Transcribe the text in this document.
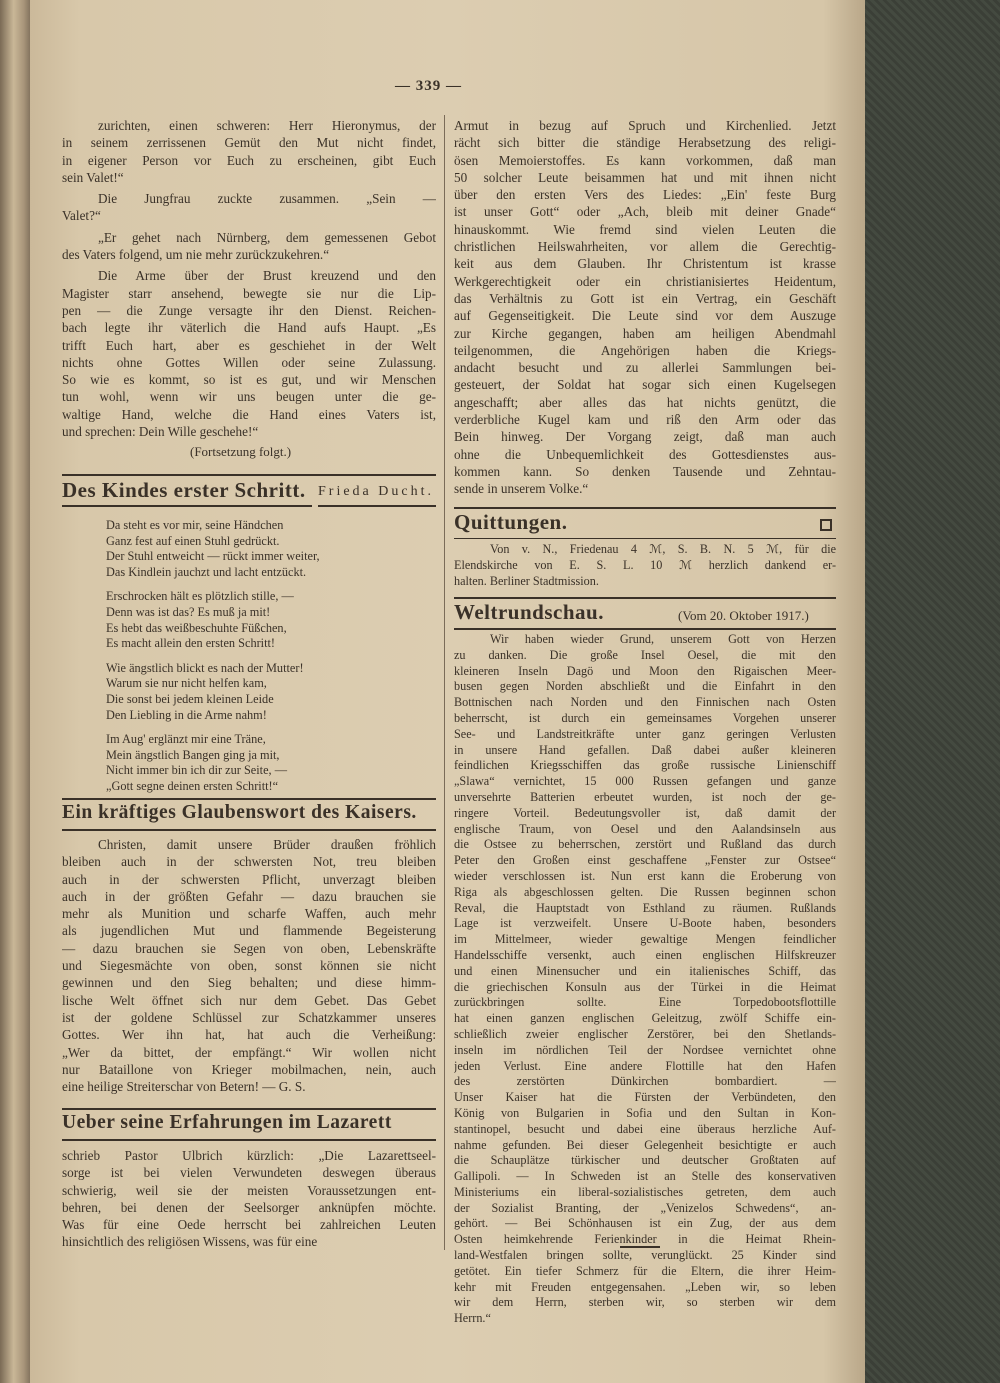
— 339 —
zurichten, einen schweren: Herr Hieronymus, der
in seinem zerrissenen Gemüt den Mut nicht findet,
in eigener Person vor Euch zu erscheinen, gibt Euch
sein Valet!“
Die Jungfrau zuckte zusammen. „Sein —
Valet?“
„Er gehet nach Nürnberg, dem gemessenen Gebot
des Vaters folgend, um nie mehr zurückzukehren.“
Die Arme über der Brust kreuzend und den
Magister starr ansehend, bewegte sie nur die Lip-
pen — die Zunge versagte ihr den Dienst. Reichen-
bach legte ihr väterlich die Hand aufs Haupt. „Es
trifft Euch hart, aber es geschiehet in der Welt
nichts ohne Gottes Willen oder seine Zulassung.
So wie es kommt, so ist es gut, und wir Menschen
tun wohl, wenn wir uns beugen unter die ge-
waltige Hand, welche die Hand eines Vaters ist,
und sprechen: Dein Wille geschehe!“
(Fortsetzung folgt.)
Des Kindes erster Schritt. Frieda Ducht.
Da steht es vor mir, seine Händchen
Ganz fest auf einen Stuhl gedrückt.
Der Stuhl entweicht — rückt immer weiter,
Das Kindlein jauchzt und lacht entzückt.
Erschrocken hält es plötzlich stille, —
Denn was ist das? Es muß ja mit!
Es hebt das weißbeschuhte Füßchen,
Es macht allein den ersten Schritt!
Wie ängstlich blickt es nach der Mutter!
Warum sie nur nicht helfen kam,
Die sonst bei jedem kleinen Leide
Den Liebling in die Arme nahm!
Im Aug' erglänzt mir eine Träne,
Mein ängstlich Bangen ging ja mit,
Nicht immer bin ich dir zur Seite, —
„Gott segne deinen ersten Schritt!“
Ein kräftiges Glaubenswort des Kaisers.
Christen, damit unsere Brüder draußen fröhlich
bleiben auch in der schwersten Not, treu bleiben
auch in der schwersten Pflicht, unverzagt bleiben
auch in der größten Gefahr — dazu brauchen sie
mehr als Munition und scharfe Waffen, auch mehr
als jugendlichen Mut und flammende Begeisterung
— dazu brauchen sie Segen von oben, Lebenskräfte
und Siegesmächte von oben, sonst können sie nicht
gewinnen und den Sieg behalten; und diese himm-
lische Welt öffnet sich nur dem Gebet. Das Gebet
ist der goldene Schlüssel zur Schatzkammer unseres
Gottes. Wer ihn hat, hat auch die Verheißung:
„Wer da bittet, der empfängt.“ Wir wollen nicht
nur Bataillone von Krieger mobilmachen, nein, auch
eine heilige Streiterschar von Betern! — G. S.
Ueber seine Erfahrungen im Lazarett
schrieb Pastor Ulbrich kürzlich: „Die Lazarettseel-
sorge ist bei vielen Verwundeten deswegen überaus
schwierig, weil sie der meisten Voraussetzungen ent-
behren, bei denen der Seelsorger anknüpfen möchte.
Was für eine Oede herrscht bei zahlreichen Leuten
hinsichtlich des religiösen Wissens, was für eine
Armut in bezug auf Spruch und Kirchenlied. Jetzt
rächt sich bitter die ständige Herabsetzung des religi-
ösen Memoierstoffes. Es kann vorkommen, daß man
50 solcher Leute beisammen hat und mit ihnen nicht
über den ersten Vers des Liedes: „Ein' feste Burg
ist unser Gott“ oder „Ach, bleib mit deiner Gnade“
hinauskommt. Wie fremd sind vielen Leuten die
christlichen Heilswahrheiten, vor allem die Gerechtig-
keit aus dem Glauben. Ihr Christentum ist krasse
Werkgerechtigkeit oder ein christianisiertes Heidentum,
das Verhältnis zu Gott ist ein Vertrag, ein Geschäft
auf Gegenseitigkeit. Die Leute sind vor dem Auszuge
zur Kirche gegangen, haben am heiligen Abendmahl
teilgenommen, die Angehörigen haben die Kriegs-
andacht besucht und zu allerlei Sammlungen bei-
gesteuert, der Soldat hat sogar sich einen Kugelsegen
angeschafft; aber alles das hat nichts genützt, die
verderbliche Kugel kam und riß den Arm oder das
Bein hinweg. Der Vorgang zeigt, daß man auch
ohne die Unbequemlichkeit des Gottesdienstes aus-
kommen kann. So denken Tausende und Zehntau-
sende in unserem Volke.“
Quittungen.
Von v. N., Friedenau 4 ℳ, S. B. N. 5 ℳ, für die
Elendskirche von E. S. L. 10 ℳ herzlich dankend er-
halten. Berliner Stadtmission.
Weltrundschau.	(Vom 20. Oktober 1917.)
Wir haben wieder Grund, unserem Gott von Herzen
zu danken. Die große Insel Oesel, die mit den
kleineren Inseln Dagö und Moon den Rigaischen Meer-
busen gegen Norden abschließt und die Einfahrt in den
Bottnischen nach Norden und den Finnischen nach Osten
beherrscht, ist durch ein gemeinsames Vorgehen unserer
See- und Landstreitkräfte unter ganz geringen Verlusten
in unsere Hand gefallen. Daß dabei außer kleineren
feindlichen Kriegsschiffen das große russische Linienschiff
„Slawa“ vernichtet, 15 000 Russen gefangen und ganze
unversehrte Batterien erbeutet wurden, ist noch der ge-
ringere Vorteil. Bedeutungsvoller ist, daß damit der
englische Traum, von Oesel und den Aalandsinseln aus
die Ostsee zu beherrschen, zerstört und Rußland das durch
Peter den Großen einst geschaffene „Fenster zur Ostsee“
wieder verschlossen ist. Nun erst kann die Eroberung von
Riga als abgeschlossen gelten. Die Russen beginnen schon
Reval, die Hauptstadt von Esthland zu räumen. Rußlands
Lage ist verzweifelt. Unsere U-Boote haben, besonders
im Mittelmeer, wieder gewaltige Mengen feindlicher
Handelsschiffe versenkt, auch einen englischen Hilfskreuzer
und einen Minensucher und ein italienisches Schiff, das
die griechischen Konsuln aus der Türkei in die Heimat
zurückbringen sollte. Eine Torpedobootsflottille
hat einen ganzen englischen Geleitzug, zwölf Schiffe ein-
schließlich zweier englischer Zerstörer, bei den Shetlands-
inseln im nördlichen Teil der Nordsee vernichtet ohne
jeden Verlust. Eine andere Flottille hat den Hafen
des zerstörten Dünkirchen bombardiert. —
Unser Kaiser hat die Fürsten der Verbündeten, den
König von Bulgarien in Sofia und den Sultan in Kon-
stantinopel, besucht und dabei eine überaus herzliche Auf-
nahme gefunden. Bei dieser Gelegenheit besichtigte er auch
die Schauplätze türkischer und deutscher Großtaten auf
Gallipoli. — In Schweden ist an Stelle des konservativen
Ministeriums ein liberal-sozialistisches getreten, dem auch
der Sozialist Branting, der „Venizelos Schwedens“, an-
gehört. — Bei Schönhausen ist ein Zug, der aus dem
Osten heimkehrende Ferienkinder in die Heimat Rhein-
land-Westfalen bringen sollte, verunglückt. 25 Kinder sind
getötet. Ein tiefer Schmerz für die Eltern, die ihrer Heim-
kehr mit Freuden entgegensahen. „Leben wir, so leben
wir dem Herrn, sterben wir, so sterben wir dem
Herrn.“
